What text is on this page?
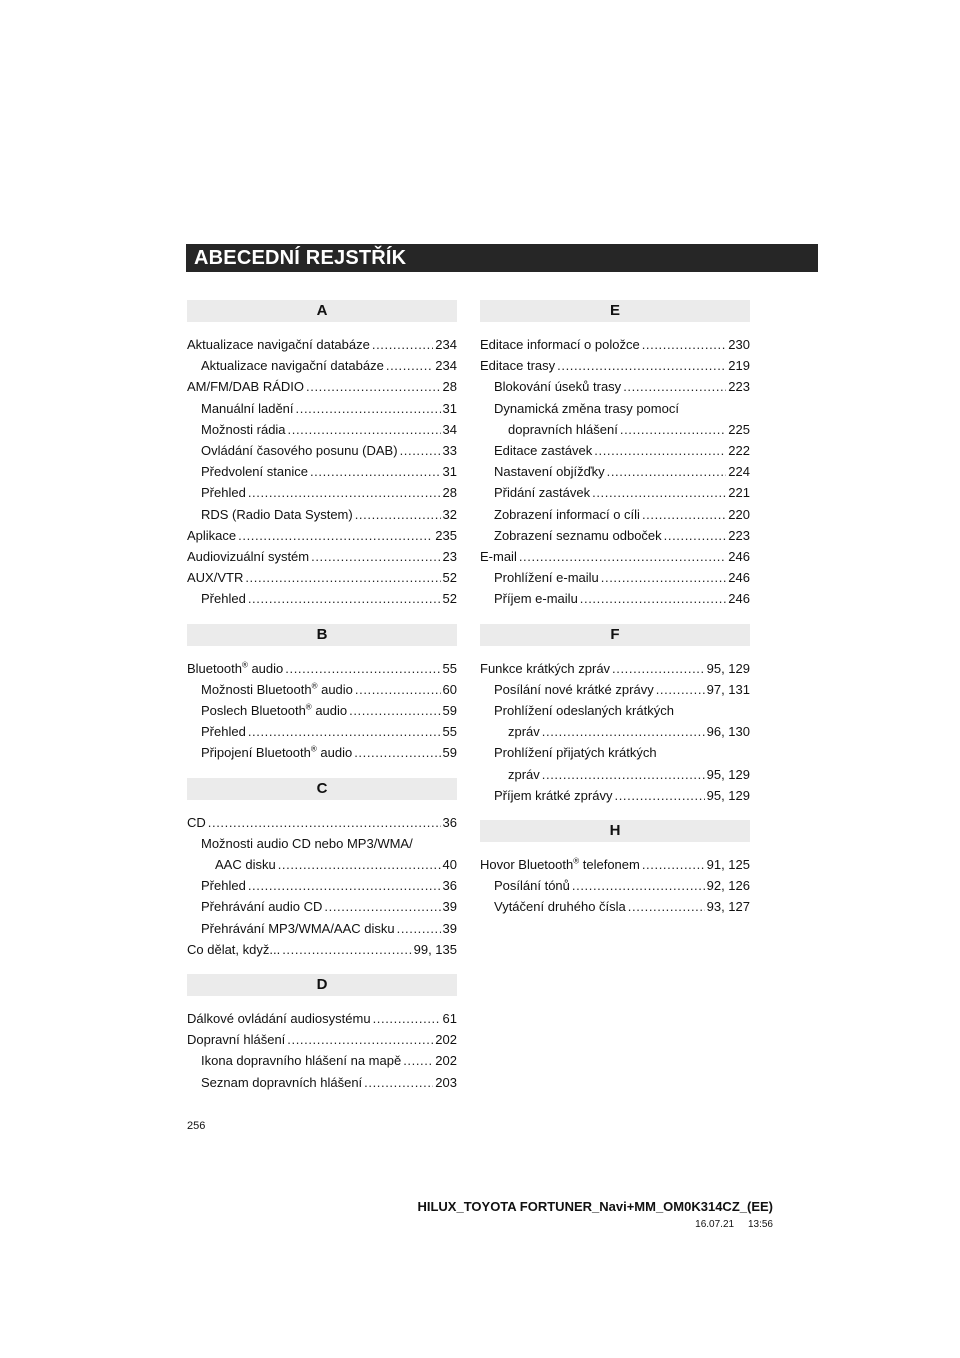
ABECEDNÍ REJSTŘÍK
A
Aktualizace navigační databáze .....	234
Aktualizace navigační databáze .....	234
AM/FM/DAB RÁDIO .....	28
Manuální ladění .....	31
Možnosti rádia .....	34
Ovládání časového posunu (DAB) .....	33
Předvolení stanice .....	31
Přehled .....	28
RDS (Radio Data System) .....	32
Aplikace .....	235
Audiovizuální systém .....	23
AUX/VTR .....	52
Přehled .....	52
B
Bluetooth® audio .....	55
Možnosti Bluetooth® audio .....	60
Poslech Bluetooth® audio .....	59
Přehled .....	55
Připojení Bluetooth® audio .....	59
C
CD .....	36
Možnosti audio CD nebo MP3/WMA/
AAC disku .....	40
Přehled .....	36
Přehrávání audio CD .....	39
Přehrávání MP3/WMA/AAC disku .....	39
Co dělat, když... .....	99, 135
D
Dálkové ovládání audiosystému .....	61
Dopravní hlášení .....	202
Ikona dopravního hlášení na mapě .....	202
Seznam dopravních hlášení .....	203
E
Editace informací o položce .....	230
Editace trasy .....	219
Blokování úseků trasy .....	223
Dynamická změna trasy pomocí
dopravních hlášení .....	225
Editace zastávek .....	222
Nastavení objížďky .....	224
Přidání zastávek .....	221
Zobrazení informací o cíli .....	220
Zobrazení seznamu odboček .....	223
E-mail .....	246
Prohlížení e-mailu .....	246
Příjem e-mailu .....	246
F
Funkce krátkých zpráv .....	95, 129
Posílání nové krátké zprávy .....	97, 131
Prohlížení odeslaných krátkých
zpráv .....	96, 130
Prohlížení přijatých krátkých
zpráv .....	95, 129
Příjem krátké zprávy .....	95, 129
H
Hovor Bluetooth® telefonem .....	91, 125
Posílání tónů .....	92, 126
Vytáčení druhého čísla .....	93, 127
256
HILUX_TOYOTA FORTUNER_Navi+MM_OM0K314CZ_(EE)
16.07.21     13:56
